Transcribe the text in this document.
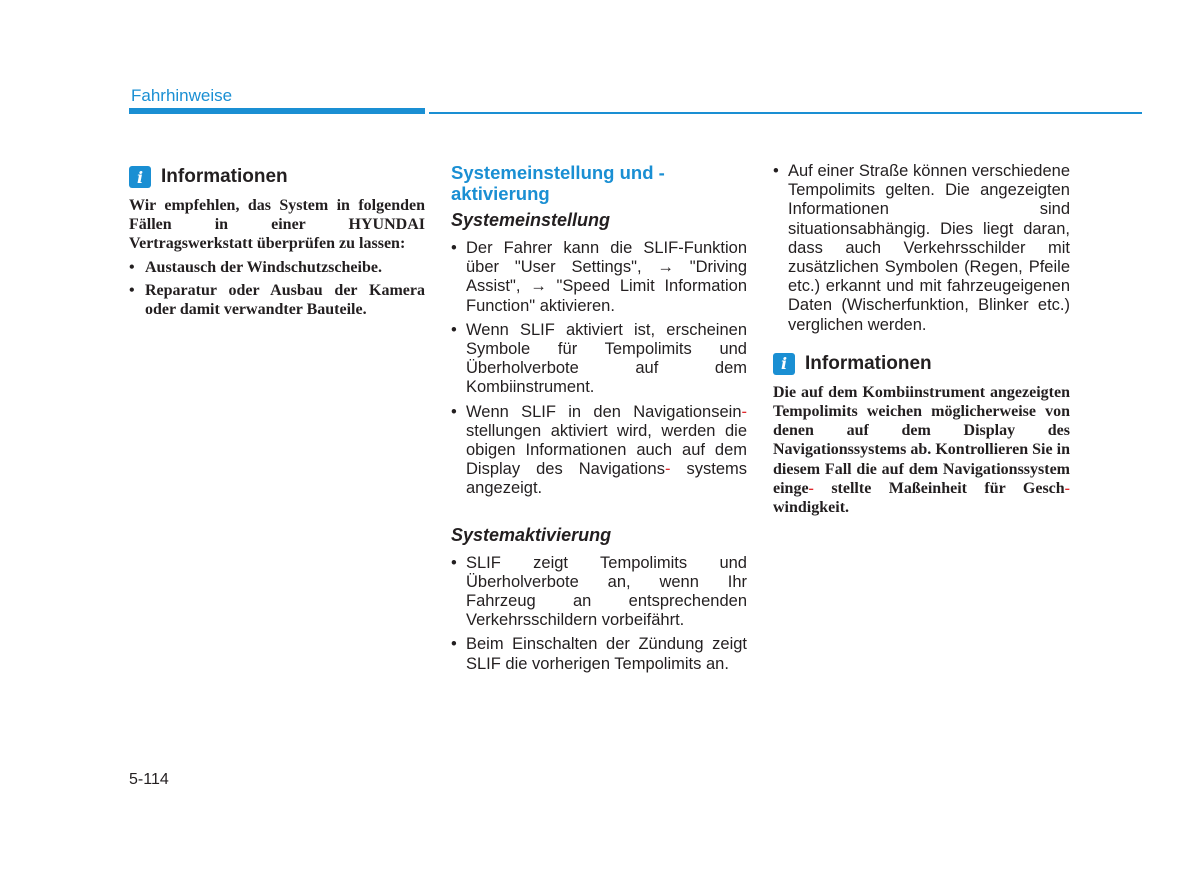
Fahrhinweise
i Informationen

Wir empfehlen, das System in folgenden Fällen in einer HYUNDAI Vertragswerkstatt überprüfen zu lassen:

• Austausch der Windschutzscheibe.
• Reparatur oder Ausbau der Kamera oder damit verwandter Bauteile.
Systemeinstellung und - aktivierung
Systemeinstellung
• Der Fahrer kann die SLIF-Funktion über "User Settings", → "Driving Assist", → "Speed Limit Information Function" aktivieren.
• Wenn SLIF aktiviert ist, erscheinen Symbole für Tempolimits und Überholverbote auf dem Kombiinstrument.
• Wenn SLIF in den Navigationsein- stellungen aktiviert wird, werden die obigen Informationen auch auf dem Display des Navigations- systems angezeigt.
Systemaktivierung
• SLIF zeigt Tempolimits und Überholverbote an, wenn Ihr Fahrzeug an entsprechenden Verkehrsschildern vorbeifährt.
• Beim Einschalten der Zündung zeigt SLIF die vorherigen Tempolimits an.
• Auf einer Straße können verschiedene Tempolimits gelten. Die angezeigten Informationen sind situationsabhängig. Dies liegt daran, dass auch Verkehrsschilder mit zusätzlichen Symbolen (Regen, Pfeile etc.) erkannt und mit fahrzeugeigenen Daten (Wischerfunktion, Blinker etc.) verglichen werden.
i Informationen

Die auf dem Kombiinstrument angezeigten Tempolimits weichen möglicherweise von denen auf dem Display des Navigationssystems ab. Kontrollieren Sie in diesem Fall die auf dem Navigationssystem einge- stellte Maßeinheit für Gesch- windigkeit.

5-114
